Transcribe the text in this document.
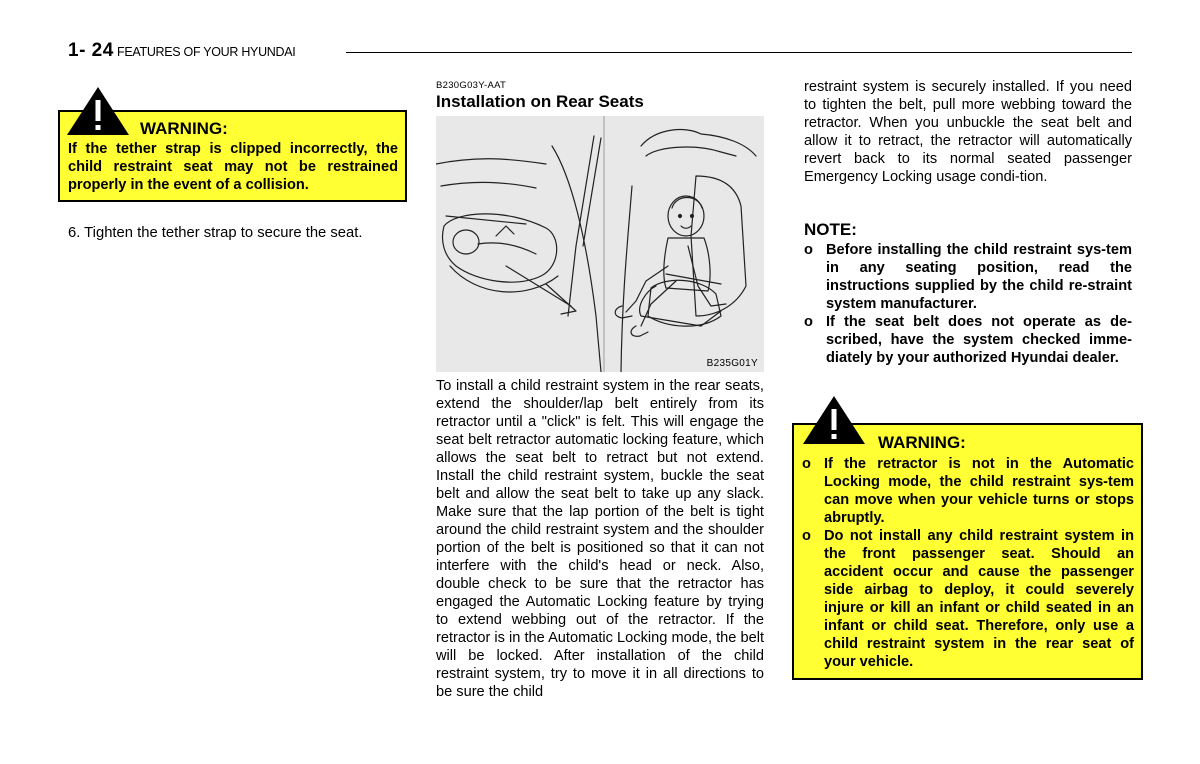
1- 24 FEATURES OF YOUR HYUNDAI
WARNING:
If the tether strap is clipped incorrectly, the child restraint seat may not be restrained properly in the event of a collision.
6. Tighten the tether strap to secure the seat.
B230G03Y-AAT
Installation on Rear Seats
B235G01Y
To install a child restraint system in the rear seats, extend the shoulder/lap belt entirely from its retractor until a "click" is felt. This will engage the seat belt retractor automatic locking feature, which allows the seat belt to retract but not extend. Install the child restraint system, buckle the seat belt and allow the seat belt to take up any slack. Make sure that the lap portion of the belt is tight around the child restraint system and the shoulder portion of the belt is positioned so that it can not interfere with the child's head or neck. Also, double check to be sure that the retractor has engaged the Automatic Locking feature by trying to extend webbing out of the retractor. If the retractor is in the Automatic Locking mode, the belt will be locked. After installation of the child restraint system, try to move it in all directions to be sure the child
restraint system is securely installed. If you need to tighten the belt, pull more webbing toward the retractor. When you unbuckle the seat belt and allow it to retract, the retractor will automatically revert back to its normal seated passenger Emergency Locking usage condi-tion.
NOTE:
o Before installing the child restraint sys-tem in any seating position, read the instructions supplied by the child re-straint system manufacturer.
o If the seat belt does not operate as de-scribed, have the system checked imme-diately by your authorized Hyundai dealer.
WARNING:
o If the retractor is not in the Automatic Locking mode, the child restraint sys-tem can move when your vehicle turns or stops abruptly.
o Do not install any child restraint system in the front passenger seat. Should an accident occur and cause the passenger side airbag to deploy, it could severely injure or kill an infant or child seated in an infant or child seat. Therefore, only use a child restraint system in the rear seat of your vehicle.
